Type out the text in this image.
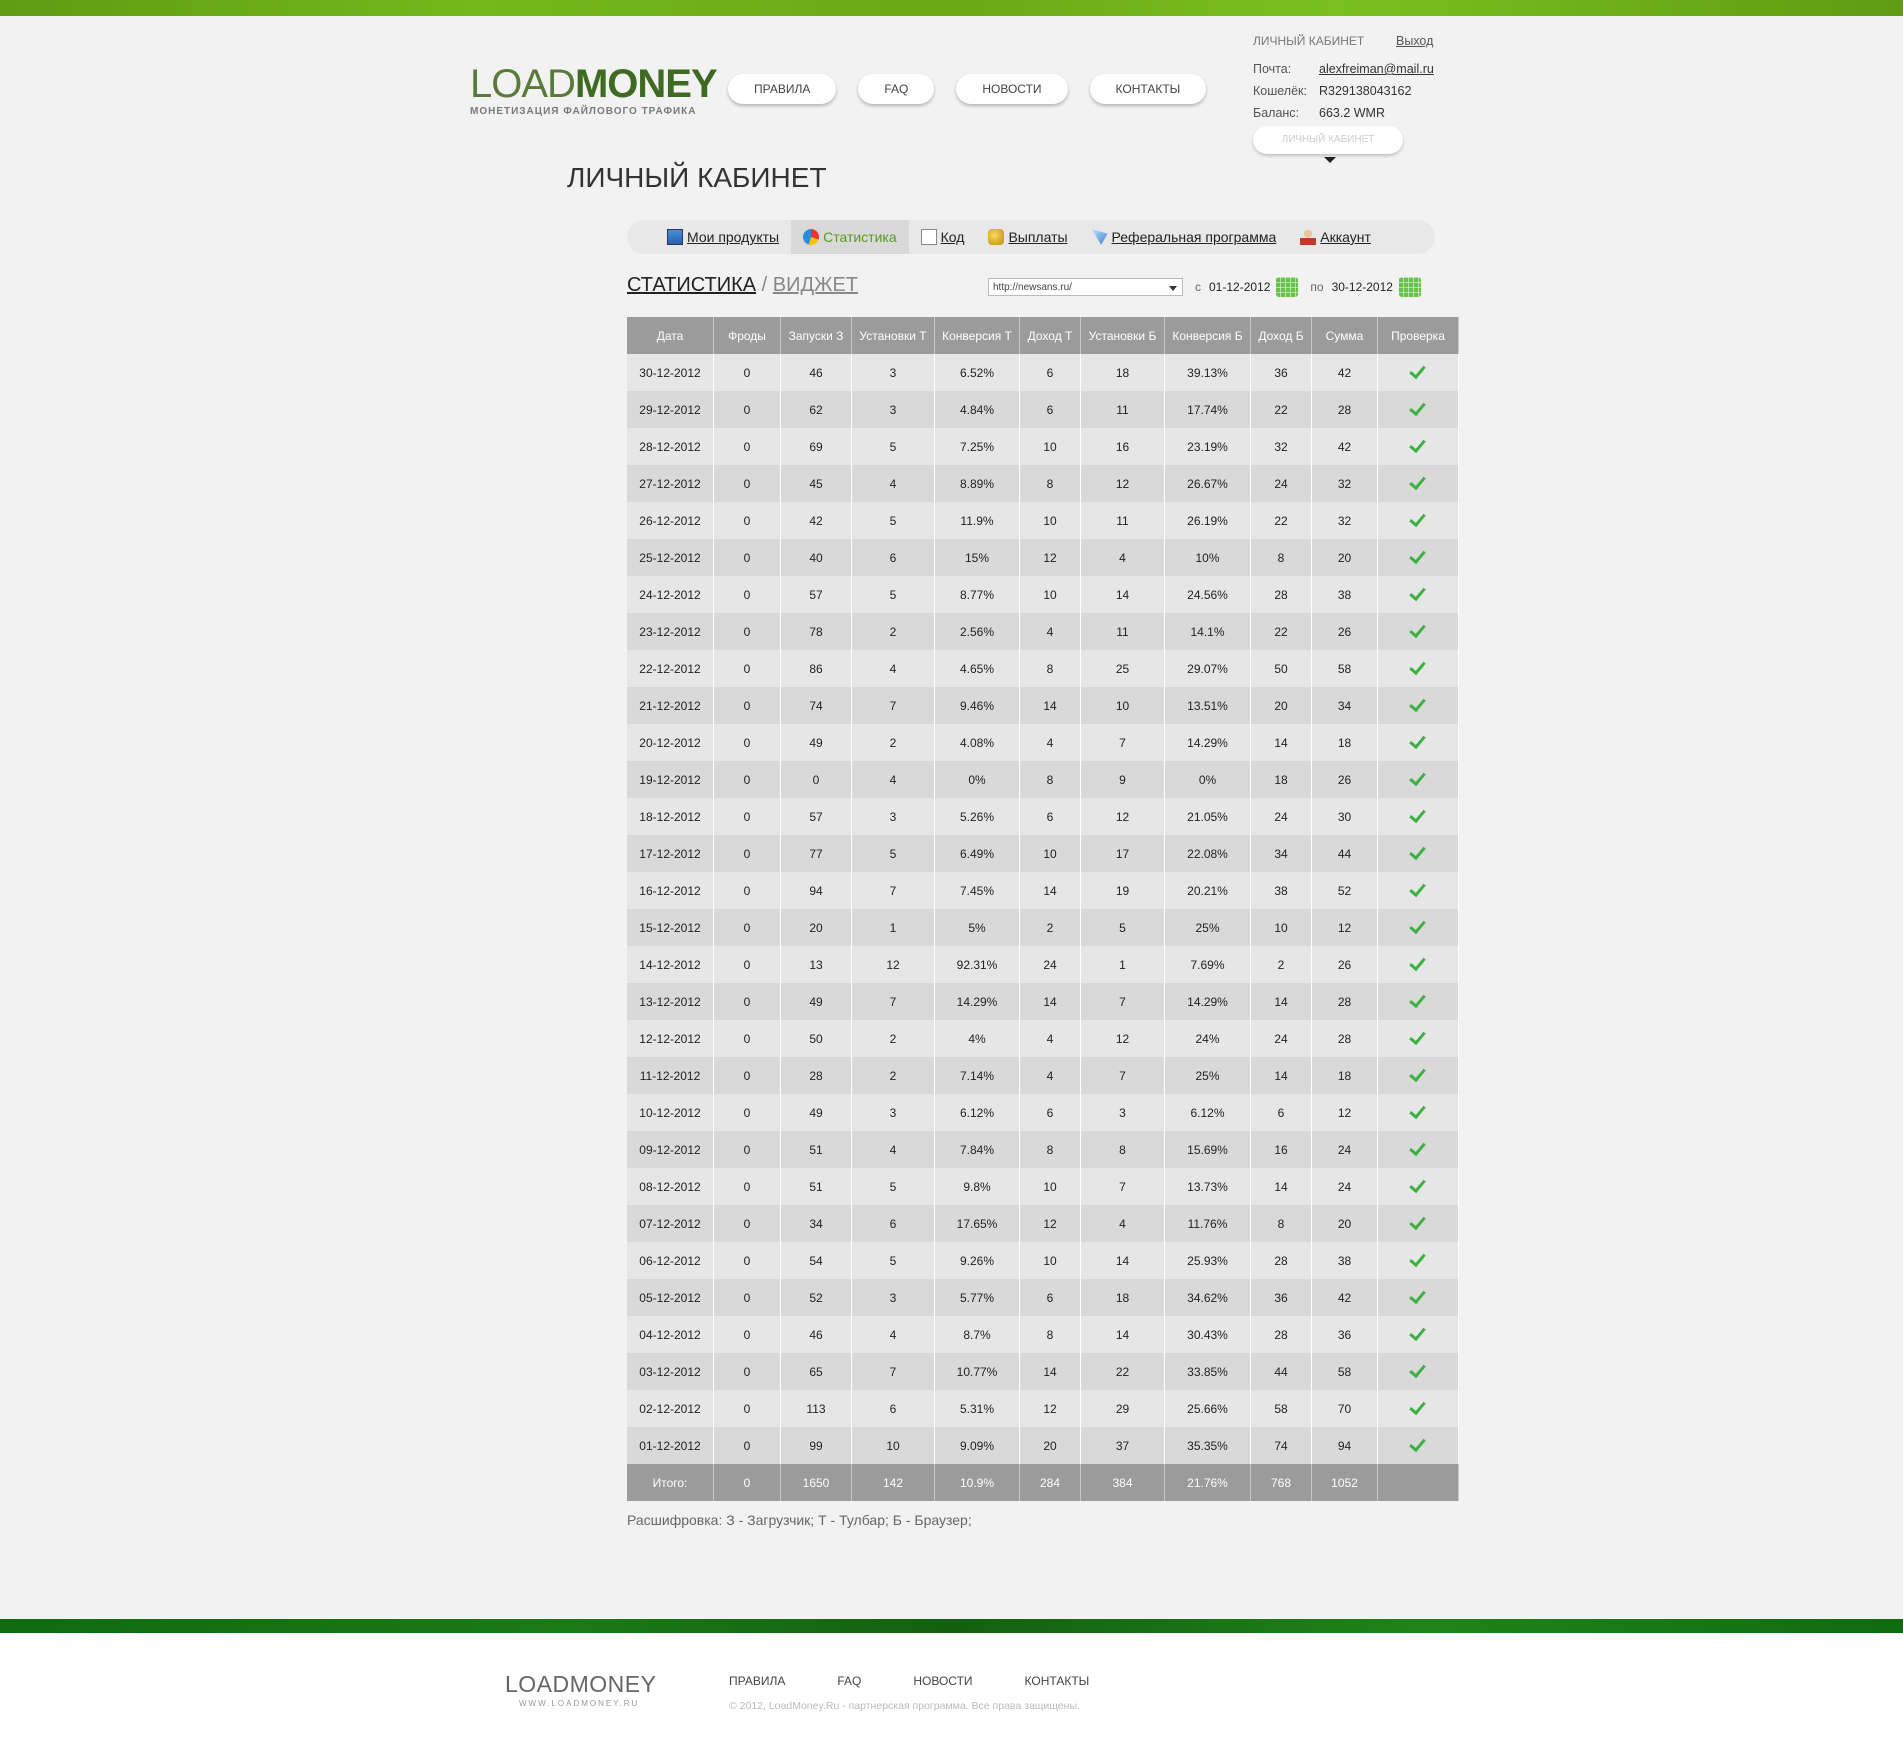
LOADMONEY
МОНЕТИЗАЦИЯ ФАЙЛОВОГО ТРАФИКА
ПРАВИЛА	FAQ	НОВОСТИ	КОНТАКТЫ
ЛИЧНЫЙ КАБИНЕТ	Выход
Почта: alexfreiman@mail.ru
Кошелёк: R329138043162
Баланс: 663.2 WMR
ЛИЧНЫЙ КАБИНЕТ
ЛИЧНЫЙ КАБИНЕТ
Мои продукты	Статистика	Код	Выплаты	Реферальная программа	Аккаунт
СТАТИСТИКА / ВИДЖЕТ	http://newsans.ru/	с 01-12-2012	по 30-12-2012
Дата	Фроды	Запуски З	Установки Т	Конверсия Т	Доход Т	Установки Б	Конверсия Б	Доход Б	Сумма	Проверка
30-12-2012	0	46	3	6.52%	6	18	39.13%	36	42	
29-12-2012	0	62	3	4.84%	6	11	17.74%	22	28	
28-12-2012	0	69	5	7.25%	10	16	23.19%	32	42	
27-12-2012	0	45	4	8.89%	8	12	26.67%	24	32	
26-12-2012	0	42	5	11.9%	10	11	26.19%	22	32	
25-12-2012	0	40	6	15%	12	4	10%	8	20	
24-12-2012	0	57	5	8.77%	10	14	24.56%	28	38	
23-12-2012	0	78	2	2.56%	4	11	14.1%	22	26	
22-12-2012	0	86	4	4.65%	8	25	29.07%	50	58	
21-12-2012	0	74	7	9.46%	14	10	13.51%	20	34	
20-12-2012	0	49	2	4.08%	4	7	14.29%	14	18	
19-12-2012	0	0	4	0%	8	9	0%	18	26	
18-12-2012	0	57	3	5.26%	6	12	21.05%	24	30	
17-12-2012	0	77	5	6.49%	10	17	22.08%	34	44	
16-12-2012	0	94	7	7.45%	14	19	20.21%	38	52	
15-12-2012	0	20	1	5%	2	5	25%	10	12	
14-12-2012	0	13	12	92.31%	24	1	7.69%	2	26	
13-12-2012	0	49	7	14.29%	14	7	14.29%	14	28	
12-12-2012	0	50	2	4%	4	12	24%	24	28	
11-12-2012	0	28	2	7.14%	4	7	25%	14	18	
10-12-2012	0	49	3	6.12%	6	3	6.12%	6	12	
09-12-2012	0	51	4	7.84%	8	8	15.69%	16	24	
08-12-2012	0	51	5	9.8%	10	7	13.73%	14	24	
07-12-2012	0	34	6	17.65%	12	4	11.76%	8	20	
06-12-2012	0	54	5	9.26%	10	14	25.93%	28	38	
05-12-2012	0	52	3	5.77%	6	18	34.62%	36	42	
04-12-2012	0	46	4	8.7%	8	14	30.43%	28	36	
03-12-2012	0	65	7	10.77%	14	22	33.85%	44	58	
02-12-2012	0	113	6	5.31%	12	29	25.66%	58	70	
01-12-2012	0	99	10	9.09%	20	37	35.35%	74	94	
Итого:	0	1650	142	10.9%	284	384	21.76%	768	1052	
Расшифровка: З - Загрузчик; Т - Тулбар; Б - Браузер;
LOADMONEY
WWW.LOADMONEY.RU
ПРАВИЛА	FAQ	НОВОСТИ	КОНТАКТЫ
© 2012, LoadMoney.Ru - партнерская программа. Все права защищены.
